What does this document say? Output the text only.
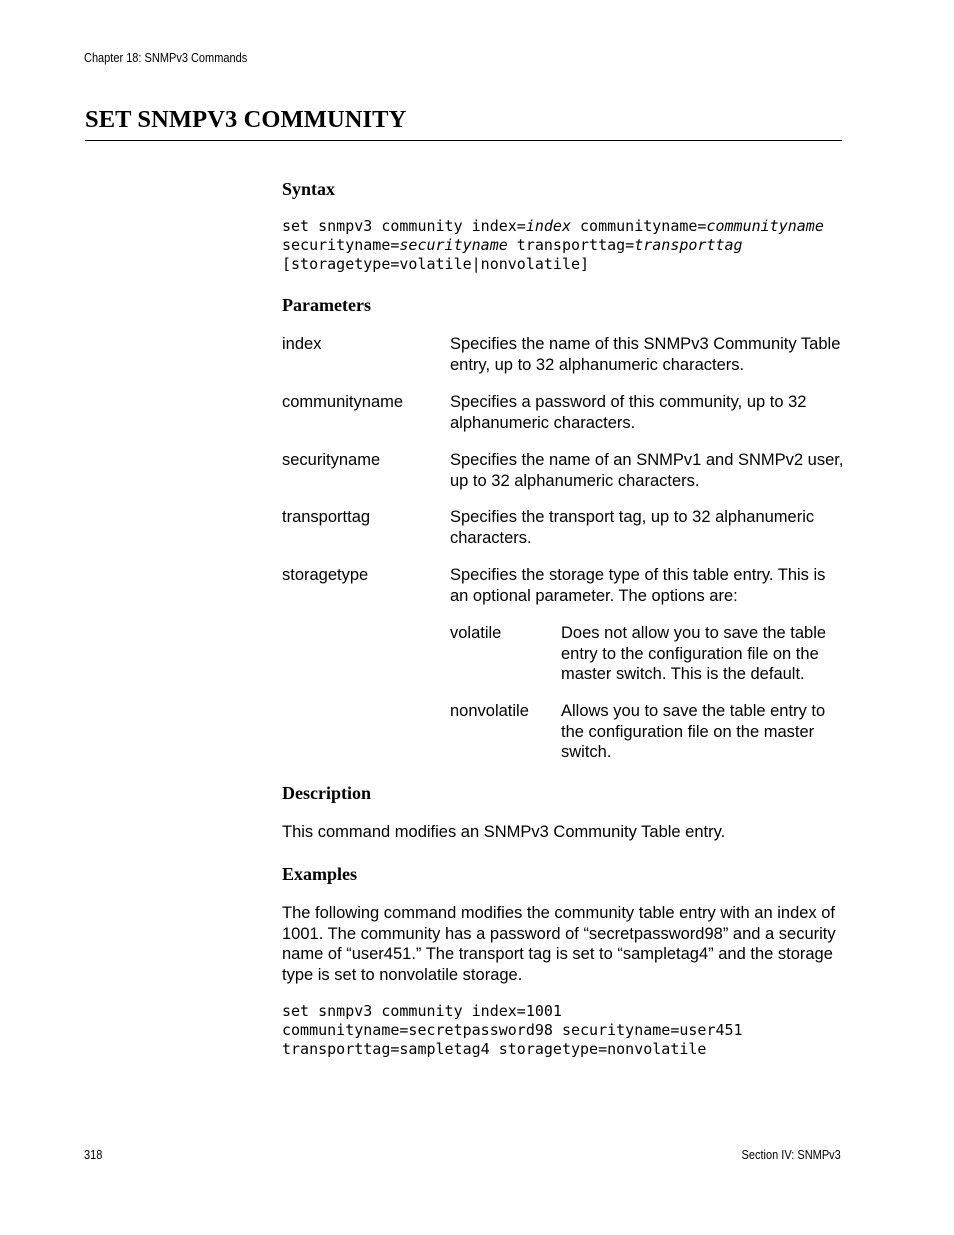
Chapter 18: SNMPv3 Commands
SET SNMPV3 COMMUNITY
Syntax
set snmpv3 community index=index communityname=communityname
securityname=securityname transporttag=transporttag
[storagetype=volatile|nonvolatile]
Parameters
index	Specifies the name of this SNMPv3 Community Table entry, up to 32 alphanumeric characters.
communityname	Specifies a password of this community, up to 32 alphanumeric characters.
securityname	Specifies the name of an SNMPv1 and SNMPv2 user, up to 32 alphanumeric characters.
transporttag	Specifies the transport tag, up to 32 alphanumeric characters.
storagetype	Specifies the storage type of this table entry. This is an optional parameter. The options are:
volatile	Does not allow you to save the table entry to the configuration file on the master switch. This is the default.
nonvolatile Allows you to save the table entry to the configuration file on the master switch.
Description
This command modifies an SNMPv3 Community Table entry.
Examples
The following command modifies the community table entry with an index of 1001. The community has a password of “secretpassword98” and a security name of “user451.” The transport tag is set to “sampletag4” and the storage type is set to nonvolatile storage.
set snmpv3 community index=1001
communityname=secretpassword98 securityname=user451
transporttag=sampletag4 storagetype=nonvolatile
318	Section IV: SNMPv3
